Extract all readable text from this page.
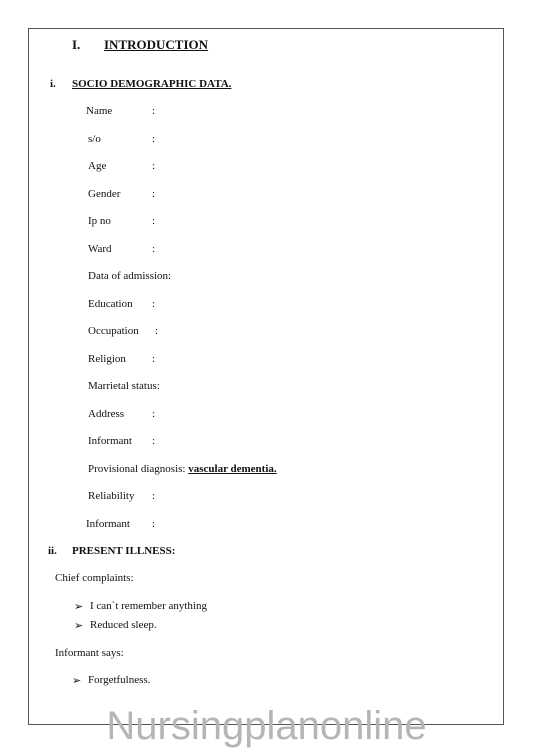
I. INTRODUCTION
i. SOCIO DEMOGRAPHIC DATA.
Name	:
s/o	:
Age	:
Gender	:
Ip no	:
Ward	:
Data of admission:
Education :
Occupation :
Religion :
Marrietal status:
Address	:
Informant :
Provisional diagnosis: vascular dementia.
Reliability :
Informant :
ii. PRESENT ILLNESS:
Chief complaints:
➢ I can`t remember anything
➢ Reduced sleep.
Informant says:
➢ Forgetfulness.
Nursingplanonline
